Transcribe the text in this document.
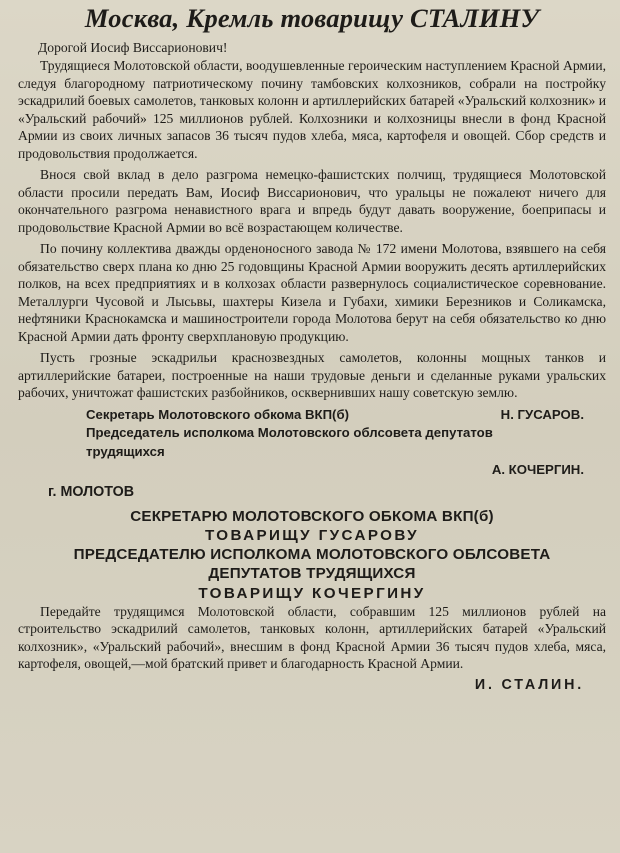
Москва, Кремль товарищу СТАЛИНУ
Дорогой Иосиф Виссарионович!

Трудящиеся Молотовской области, воодушевленные героическим наступлением Красной Армии, следуя благородному патриотическому почину тамбовских колхозников, собрали на постройку эскадрилий боевых самолетов, танковых колонн и артиллерийских батарей «Уральский колхозник» и «Уральский рабочий» 125 миллионов рублей. Колхозники и колхозницы внесли в фонд Красной Армии из своих личных запасов 36 тысяч пудов хлеба, мяса, картофеля и овощей. Сбор средств и продовольствия продолжается.

Внося свой вклад в дело разгрома немецко-фашистских полчищ, трудящиеся Молотовской области просили передать Вам, Иосиф Виссарионович, что уральцы не пожалеют ничего для окончательного разгрома ненавистного врага и впредь будут давать вооружение, боеприпасы и продовольствие Красной Армии во всё возрастающем количестве.

По почину коллектива дважды орденоносного завода № 172 имени Молотова, взявшего на себя обязательство сверх плана ко дню 25 годовщины Красной Армии вооружить десять артиллерийских полков, на всех предприятиях и в колхозах области развернулось социалистическое соревнование. Металлурги Чусовой и Лысьвы, шахтеры Кизела и Губахи, химики Березников и Соликамска, нефтяники Краснокамска и машиностроители города Молотова берут на себя обязательство ко дню Красной Армии дать фронту сверхплановую продукцию.

Пусть грозные эскадрильи краснозвездных самолетов, колонны мощных танков и артиллерийские батареи, построенные на наши трудовые деньги и сделанные руками уральских рабочих, уничтожат фашистских разбойников, осквернивших нашу советскую землю.

Секретарь Молотовского обкома ВКП(б)	Н. ГУСАРОВ.
Председатель исполкома Молотовского облсовета депутатов трудящихся
А. КОЧЕРГИН.
г. МОЛОТОВ
СЕКРЕТАРЮ МОЛОТОВСКОГО ОБКОМА ВКП(б)
ТОВАРИЩУ ГУСАРОВУ
ПРЕДСЕДАТЕЛЮ ИСПОЛКОМА МОЛОТОВСКОГО ОБЛСОВЕТА
ДЕПУТАТОВ ТРУДЯЩИХСЯ
ТОВАРИЩУ КОЧЕРГИНУ

Передайте трудящимся Молотовской области, собравшим 125 миллионов рублей на строительство эскадрилий самолетов, танковых колонн, артиллерийских батарей «Уральский колхозник», «Уральский рабочий», внесшим в фонд Красной Армии 36 тысяч пудов хлеба, мяса, картофеля, овощей,—мой братский привет и благодарность Красной Армии.

И. СТАЛИН.
